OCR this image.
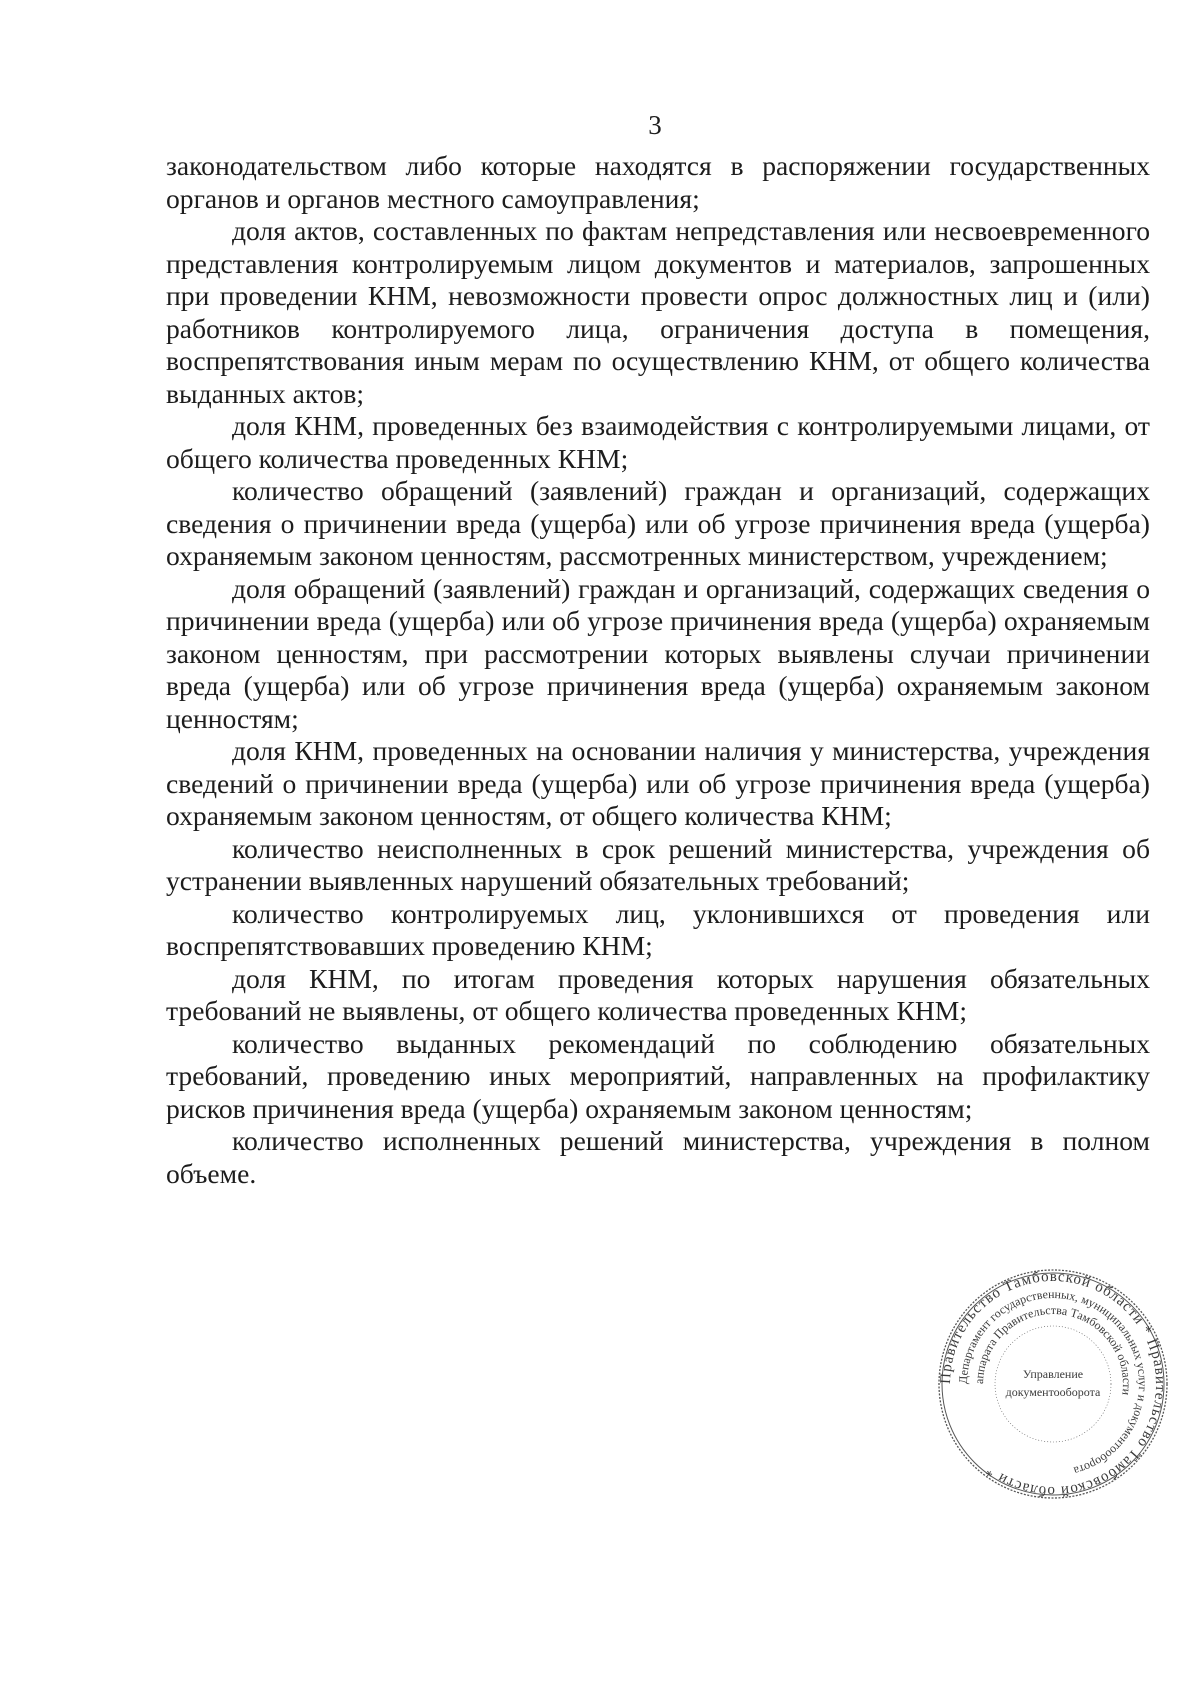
3

законодательством либо которые находятся в распоряжении государственных органов и органов местного самоуправления;

доля актов, составленных по фактам непредставления или несвоевременного представления контролируемым лицом документов и материалов, запрошенных при проведении КНМ, невозможности провести опрос должностных лиц и (или) работников контролируемого лица, ограничения доступа в помещения, воспрепятствования иным мерам по осуществлению КНМ, от общего количества выданных актов;

доля КНМ, проведенных без взаимодействия с контролируемыми лицами, от общего количества проведенных КНМ;

количество обращений (заявлений) граждан и организаций, содержащих сведения о причинении вреда (ущерба) или об угрозе причинения вреда (ущерба) охраняемым законом ценностям, рассмотренных министерством, учреждением;

доля обращений (заявлений) граждан и организаций, содержащих сведения о причинении вреда (ущерба) или об угрозе причинения вреда (ущерба) охраняемым законом ценностям, при рассмотрении которых выявлены случаи причинении вреда (ущерба) или об угрозе причинения вреда (ущерба) охраняемым законом ценностям;

доля КНМ, проведенных на основании наличия у министерства, учреждения сведений о причинении вреда (ущерба) или об угрозе причинения вреда (ущерба) охраняемым законом ценностям, от общего количества КНМ;

количество неисполненных в срок решений министерства, учреждения об устранении выявленных нарушений обязательных требований;

количество контролируемых лиц, уклонившихся от проведения или воспрепятствовавших проведению КНМ;

доля КНМ, по итогам проведения которых нарушения обязательных требований не выявлены, от общего количества проведенных КНМ;

количество выданных рекомендаций по соблюдению обязательных требований, проведению иных мероприятий, направленных на профилактику рисков причинения вреда (ущерба) охраняемым законом ценностям;

количество исполненных решений министерства, учреждения в полном объеме.

Правительство Тамбовской области * Правительство Тамбовской области *
Департамент государственных, муниципальных услуг и документооборота
аппарата Правительства Тамбовской области
Управление
документооборота
